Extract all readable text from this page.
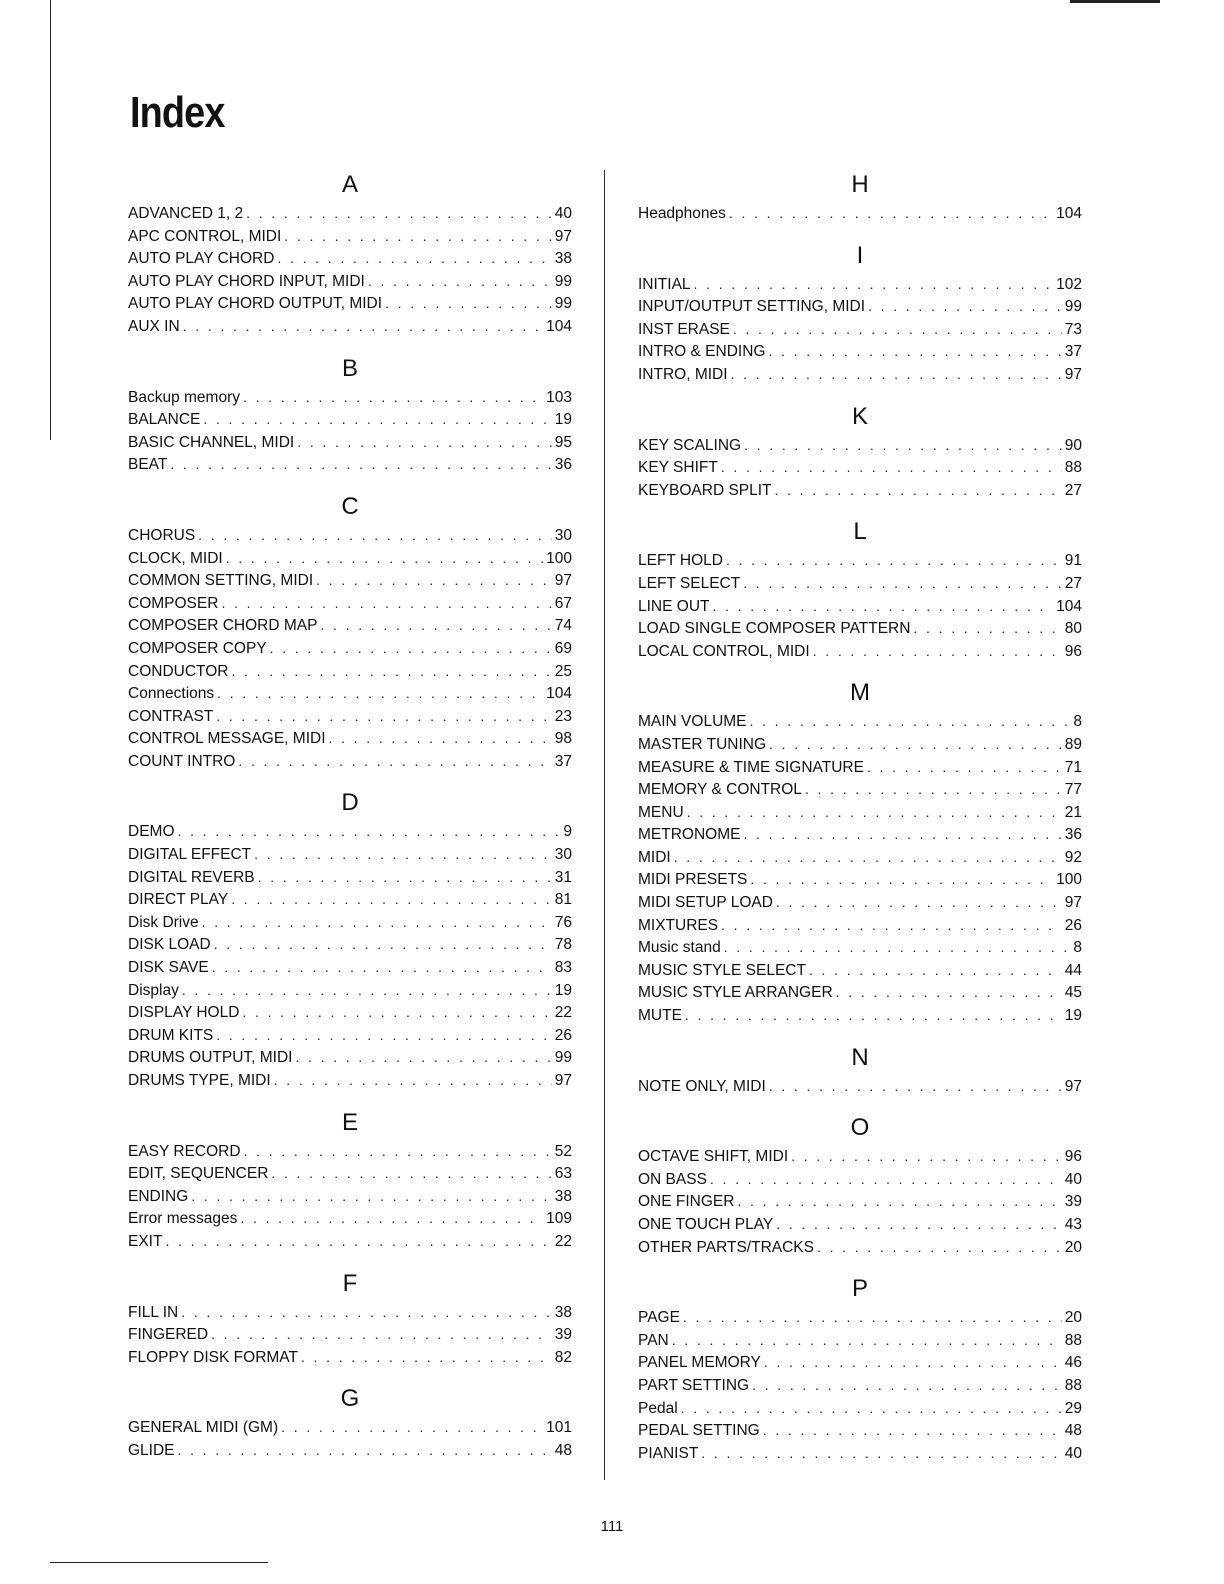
Index
A
ADVANCED 1, 2 . . .	40
APC CONTROL, MIDI . . .	97
AUTO PLAY CHORD . . .	38
AUTO PLAY CHORD INPUT, MIDI . . .	99
AUTO PLAY CHORD OUTPUT, MIDI . . .	99
AUX IN . . .	104
B
Backup memory . . .	103
BALANCE . . .	19
BASIC CHANNEL, MIDI . . .	95
BEAT . . .	36
C
CHORUS . . .	30
CLOCK, MIDI . . .	100
COMMON SETTING, MIDI . . .	97
COMPOSER . . .	67
COMPOSER CHORD MAP . . .	74
COMPOSER COPY . . .	69
CONDUCTOR . . .	25
Connections . . .	104
CONTRAST . . .	23
CONTROL MESSAGE, MIDI . . .	98
COUNT INTRO . . .	37
D
DEMO . . .	9
DIGITAL EFFECT . . .	30
DIGITAL REVERB . . .	31
DIRECT PLAY . . .	81
Disk Drive . . .	76
DISK LOAD . . .	78
DISK SAVE . . .	83
Display . . .	19
DISPLAY HOLD . . .	22
DRUM KITS . . .	26
DRUMS OUTPUT, MIDI . . .	99
DRUMS TYPE, MIDI . . .	97
E
EASY RECORD . . .	52
EDIT, SEQUENCER . . .	63
ENDING . . .	38
Error messages . . .	109
EXIT . . .	22
F
FILL IN . . .	38
FINGERED . . .	39
FLOPPY DISK FORMAT . . .	82
G
GENERAL MIDI (GM) . . .	101
GLIDE . . .	48
H
Headphones . . .	104
I
INITIAL . . .	102
INPUT/OUTPUT SETTING, MIDI . . .	99
INST ERASE . . .	73
INTRO & ENDING . . .	37
INTRO, MIDI . . .	97
K
KEY SCALING . . .	90
KEY SHIFT . . .	88
KEYBOARD SPLIT . . .	27
L
LEFT HOLD . . .	91
LEFT SELECT . . .	27
LINE OUT . . .	104
LOAD SINGLE COMPOSER PATTERN . . .	80
LOCAL CONTROL, MIDI . . .	96
M
MAIN VOLUME . . .	8
MASTER TUNING . . .	89
MEASURE & TIME SIGNATURE . . .	71
MEMORY & CONTROL . . .	77
MENU . . .	21
METRONOME . . .	36
MIDI . . .	92
MIDI PRESETS . . .	100
MIDI SETUP LOAD . . .	97
MIXTURES . . .	26
Music stand . . .	8
MUSIC STYLE SELECT . . .	44
MUSIC STYLE ARRANGER . . .	45
MUTE . . .	19
N
NOTE ONLY, MIDI . . .	97
O
OCTAVE SHIFT, MIDI . . .	96
ON BASS . . .	40
ONE FINGER . . .	39
ONE TOUCH PLAY . . .	43
OTHER PARTS/TRACKS . . .	20
P
PAGE . . .	20
PAN . . .	88
PANEL MEMORY . . .	46
PART SETTING . . .	88
Pedal . . .	29
PEDAL SETTING . . .	48
PIANIST . . .	40
111
